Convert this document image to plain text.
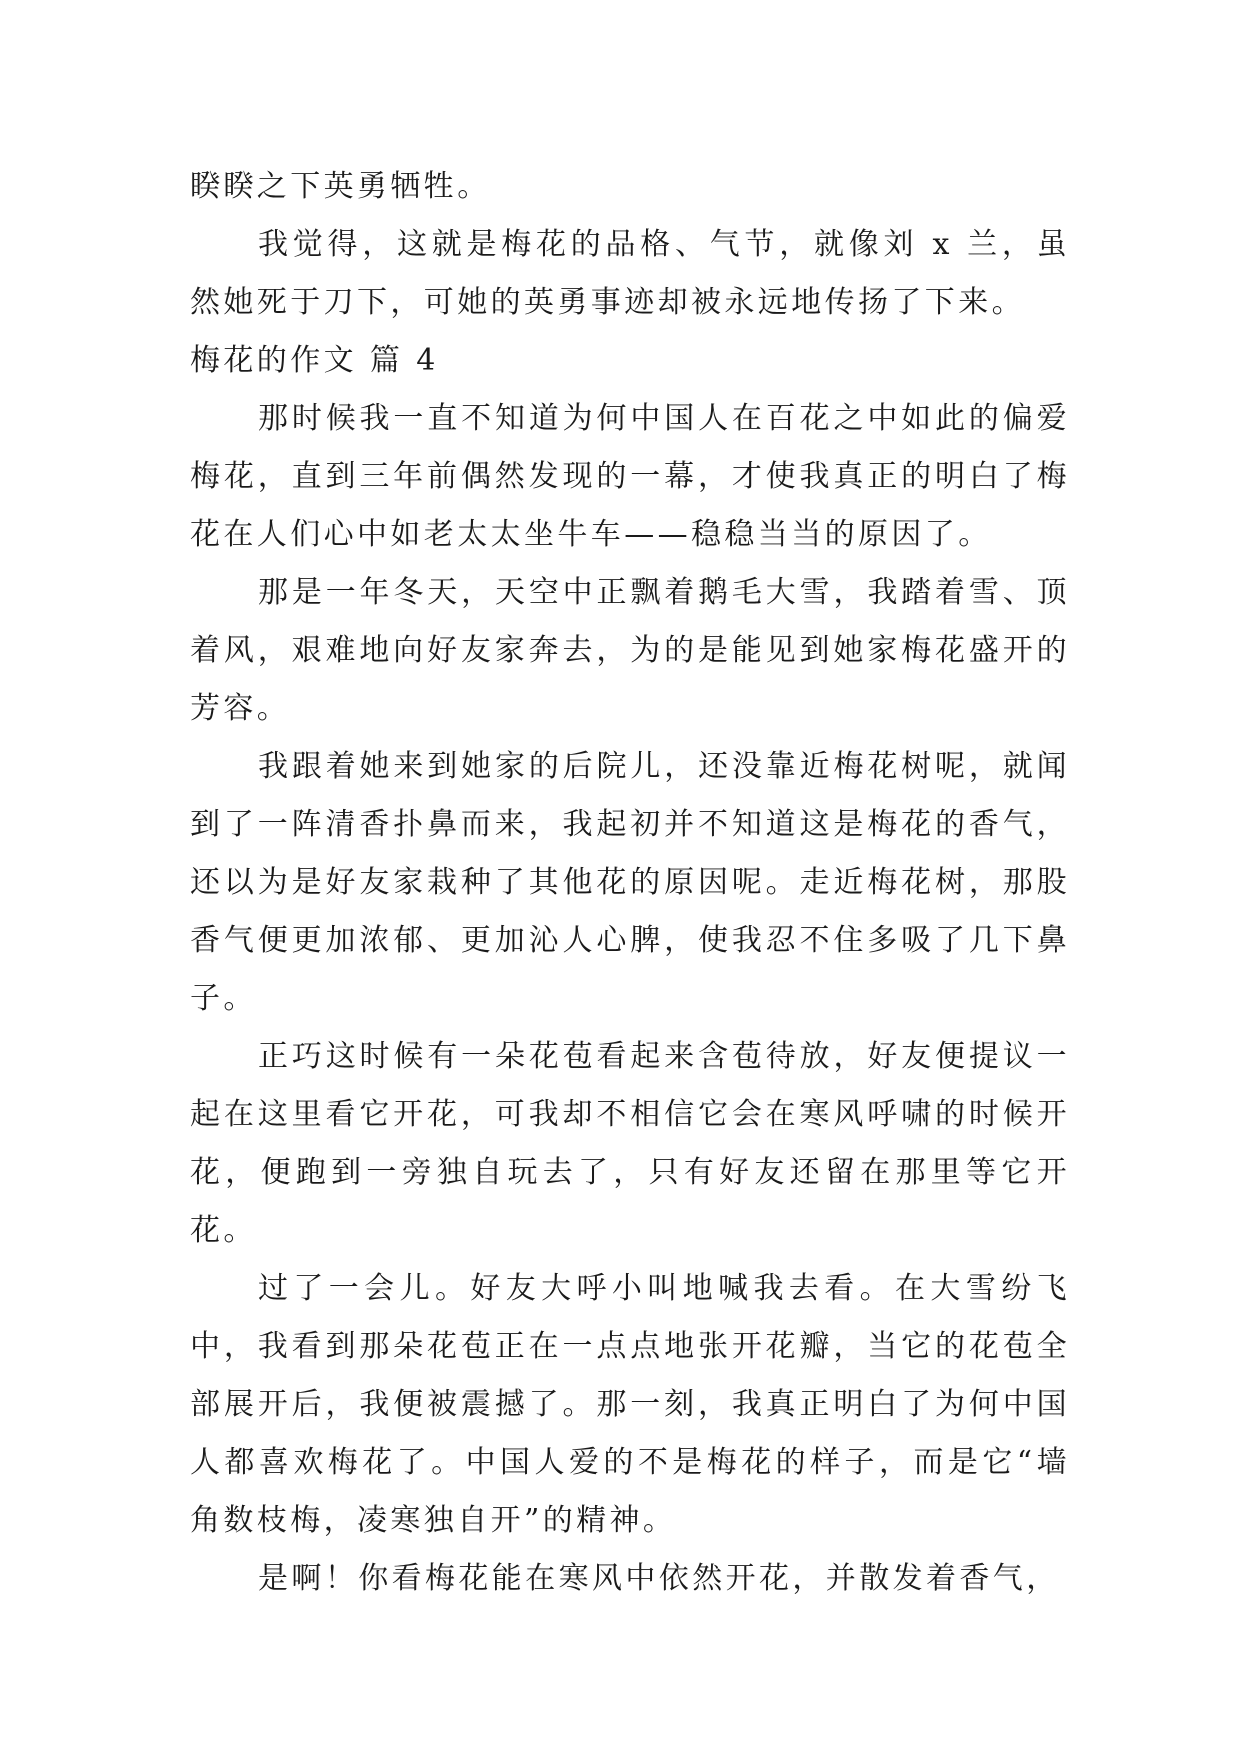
睽睽之下英勇牺牲。

我觉得，这就是梅花的品格、气节，就像刘 x 兰，虽然她死于刀下，可她的英勇事迹却被永远地传扬了下来。

梅花的作文 篇 4

那时候我一直不知道为何中国人在百花之中如此的偏爱梅花，直到三年前偶然发现的一幕，才使我真正的明白了梅花在人们心中如老太太坐牛车——稳稳当当的原因了。

那是一年冬天，天空中正飘着鹅毛大雪，我踏着雪、顶着风，艰难地向好友家奔去，为的是能见到她家梅花盛开的芳容。

我跟着她来到她家的后院儿，还没靠近梅花树呢，就闻到了一阵清香扑鼻而来，我起初并不知道这是梅花的香气，还以为是好友家栽种了其他花的原因呢。走近梅花树，那股香气便更加浓郁、更加沁人心脾，使我忍不住多吸了几下鼻子。

正巧这时候有一朵花苞看起来含苞待放，好友便提议一起在这里看它开花，可我却不相信它会在寒风呼啸的时候开花，便跑到一旁独自玩去了，只有好友还留在那里等它开花。

过了一会儿。好友大呼小叫地喊我去看。在大雪纷飞中，我看到那朵花苞正在一点点地张开花瓣，当它的花苞全部展开后，我便被震撼了。那一刻，我真正明白了为何中国人都喜欢梅花了。中国人爱的不是梅花的样子，而是它“墙角数枝梅，凌寒独自开”的精神。

是啊！你看梅花能在寒风中依然开花，并散发着香气，
